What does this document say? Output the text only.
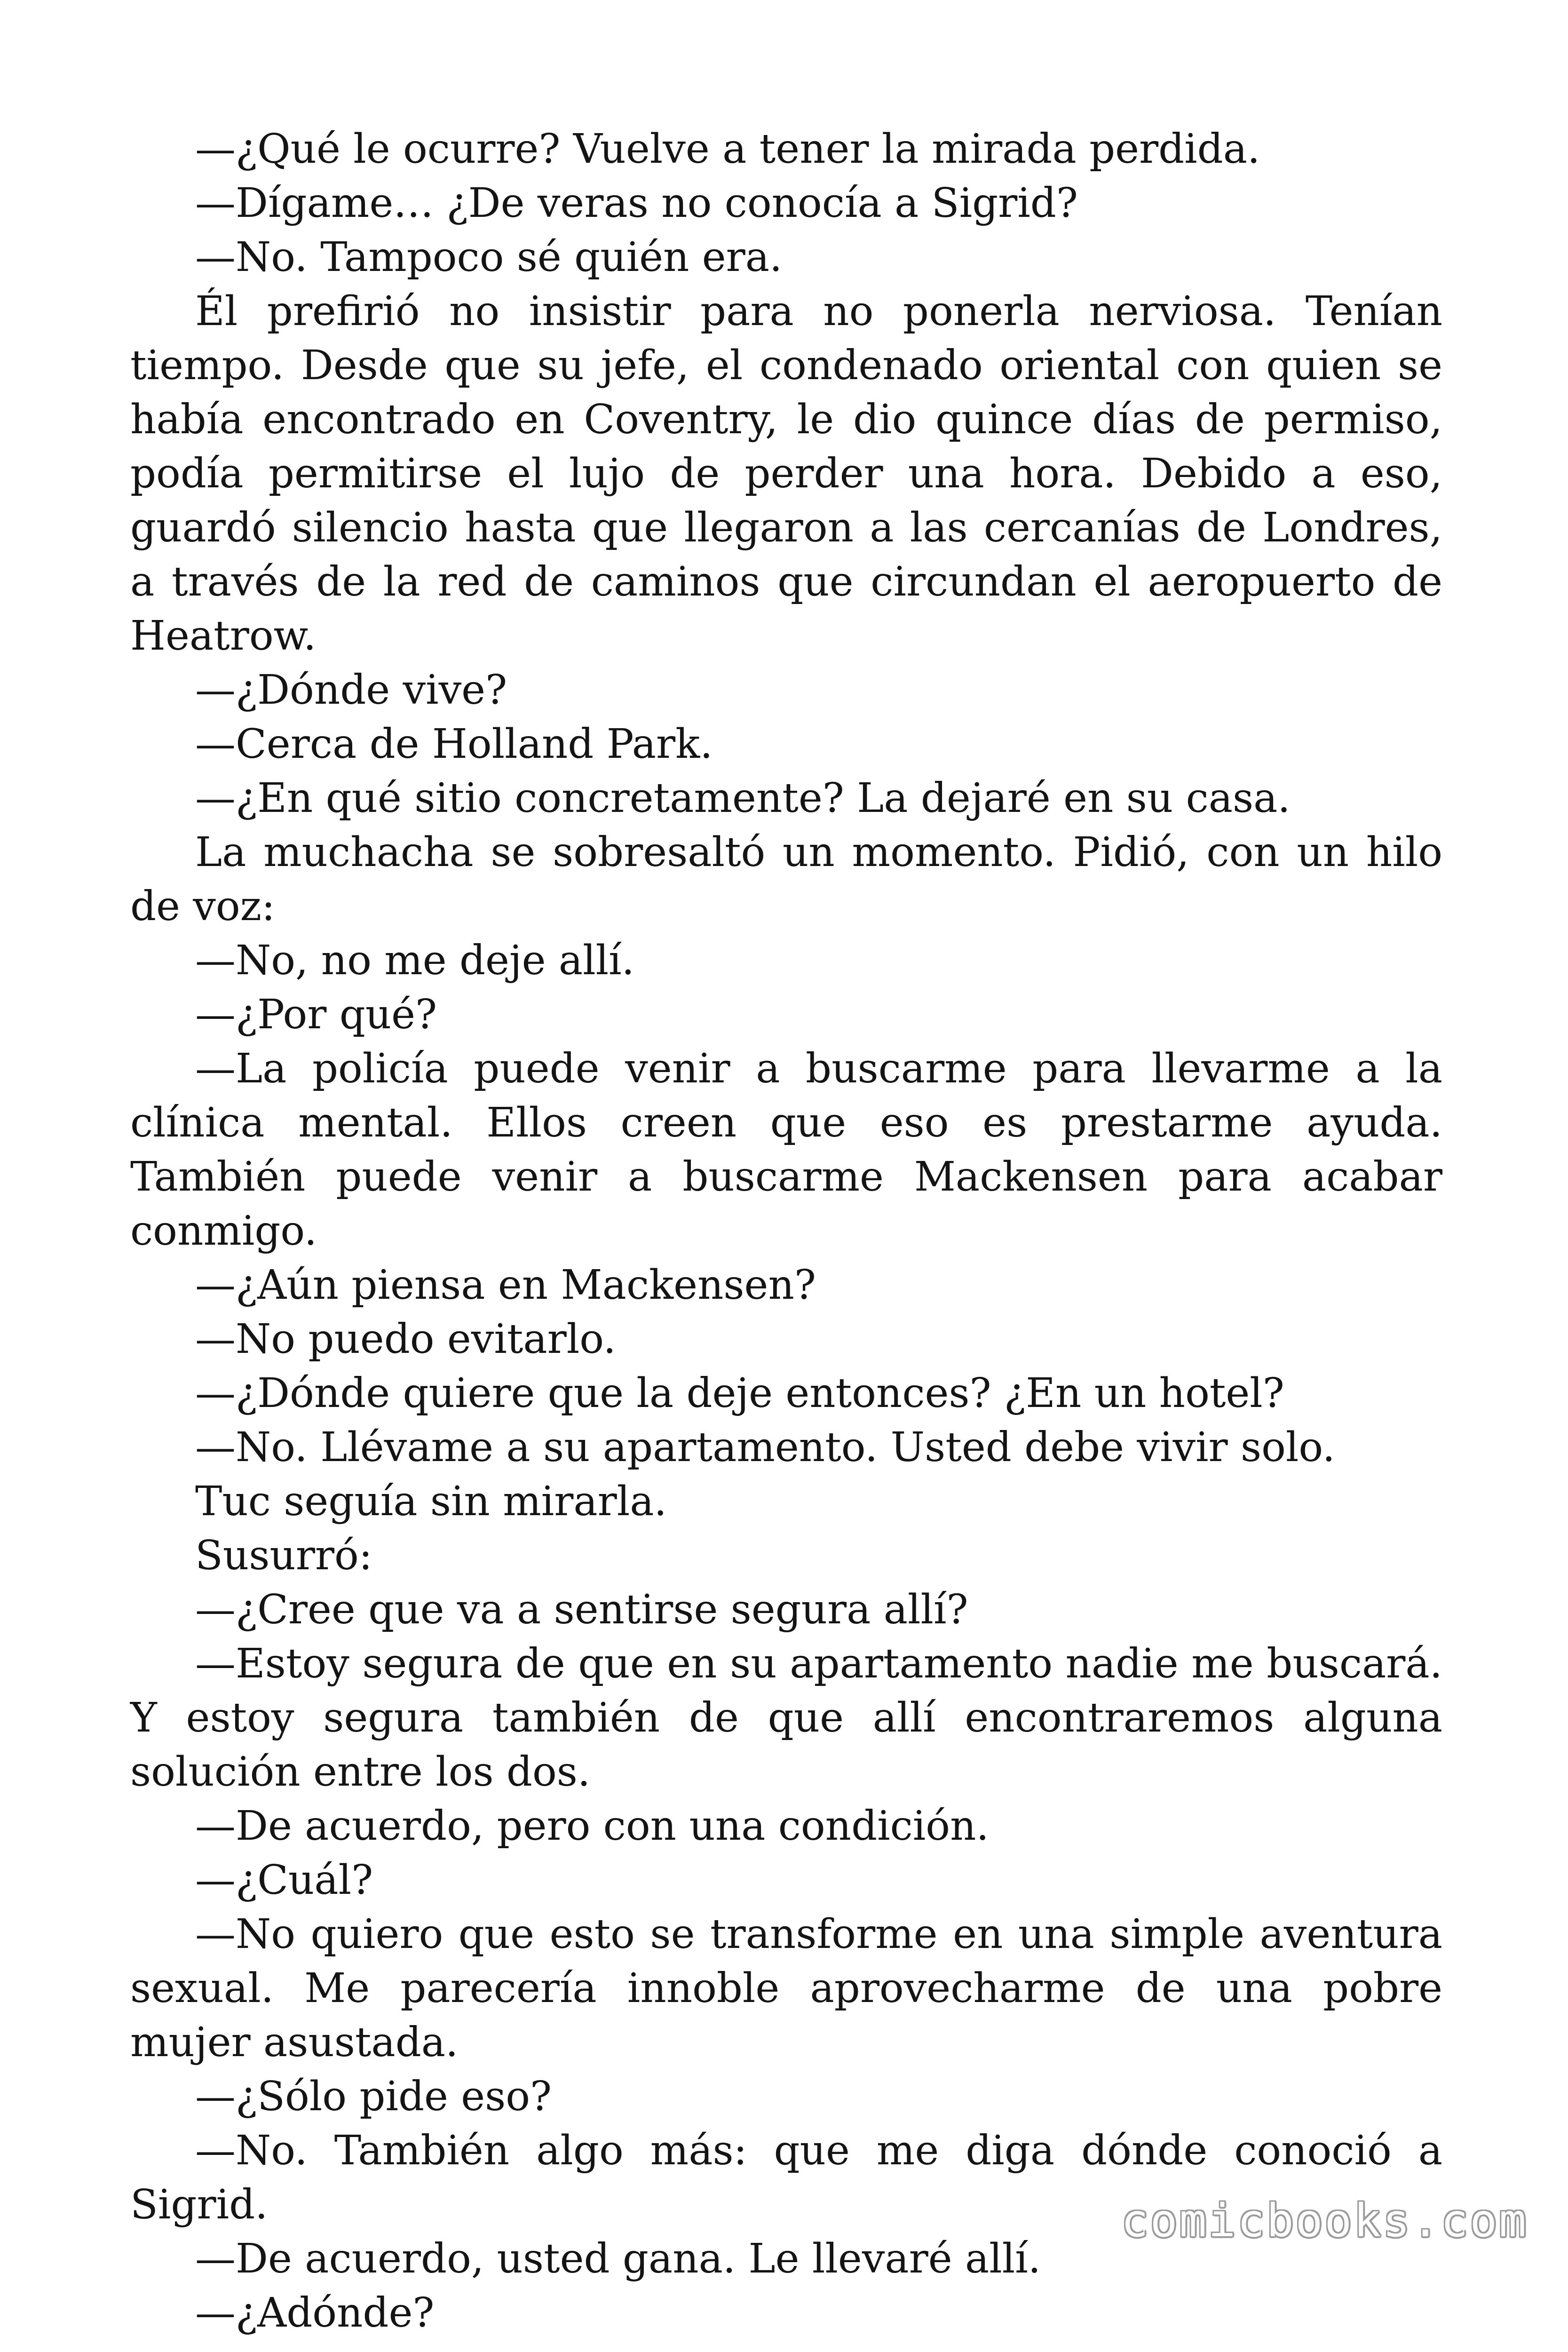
—¿Qué le ocurre? Vuelve a tener la mirada perdida.

—Dígame… ¿De veras no conocía a Sigrid?

—No. Tampoco sé quién era.

Él prefirió no insistir para no ponerla nerviosa. Tenían tiempo. Desde que su jefe, el condenado oriental con quien se había encontrado en Coventry, le dio quince días de permiso, podía permitirse el lujo de perder una hora. Debido a eso, guardó silencio hasta que llegaron a las cercanías de Londres, a través de la red de caminos que circundan el aeropuerto de Heatrow.

—¿Dónde vive?

—Cerca de Holland Park.

—¿En qué sitio concretamente? La dejaré en su casa.

La muchacha se sobresaltó un momento. Pidió, con un hilo de voz:

—No, no me deje allí.

—¿Por qué?

—La policía puede venir a buscarme para llevarme a la clínica mental. Ellos creen que eso es prestarme ayuda. También puede venir a buscarme Mackensen para acabar conmigo.

—¿Aún piensa en Mackensen?

—No puedo evitarlo.

—¿Dónde quiere que la deje entonces? ¿En un hotel?

—No. Llévame a su apartamento. Usted debe vivir solo.

Tuc seguía sin mirarla.

Susurró:

—¿Cree que va a sentirse segura allí?

—Estoy segura de que en su apartamento nadie me buscará. Y estoy segura también de que allí encontraremos alguna solución entre los dos.

—De acuerdo, pero con una condición.

—¿Cuál?

—No quiero que esto se transforme en una simple aventura sexual. Me parecería innoble aprovecharme de una pobre mujer asustada.

—¿Sólo pide eso?

—No. También algo más: que me diga dónde conoció a Sigrid.

—De acuerdo, usted gana. Le llevaré allí.

—¿Adónde?

comicbooks.com
